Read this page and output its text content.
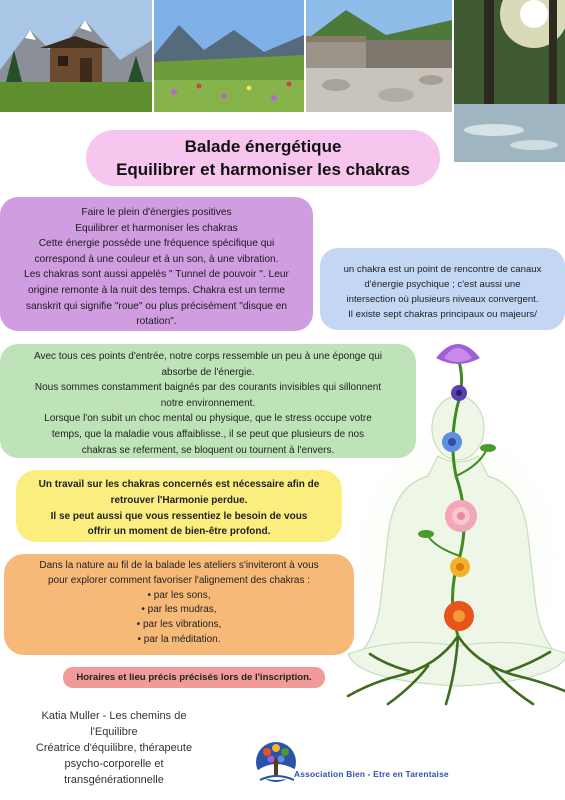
Balade énergétique
Equilibrer et harmoniser les chakras
Faire le plein d'énergies positives
Equilibrer et harmoniser les chakras
Cette énergie possède une fréquence spécifique qui
correspond à une couleur et à un son, à une vibration.
Les chakras sont aussi appelés " Tunnel de pouvoir ". Leur
origine remonte à la nuit des temps. Chakra est un terme
sanskrit qui signifie "roue" ou plus précisément "disque en
rotation".
un chakra est un point de rencontre de canaux
d'énergie psychique ; c'est aussi une
intersection où plusieurs niveaux convergent.
Il existe sept chakras principaux ou majeurs/
Avec tous ces points d'entrée, notre corps ressemble un peu à une éponge qui
absorbe de l'énergie.
Nous sommes constamment baignés par des courants invisibles qui sillonnent
notre environnement.
Lorsque l'on subit un choc mental ou physique, que le stress occupe votre
temps, que la maladie vous affaiblisse., il se peut que plusieurs de nos
chakras se referment, se bloquent ou tournent à l'envers.
Un travail sur les chakras concernés est nécessaire afin de
retrouver l'Harmonie perdue.
Il se peut aussi que vous ressentiez le besoin de vous
offrir un moment de bien-être profond.
Dans la nature au fil de la balade les ateliers s'inviteront à vous
pour explorer comment favoriser l'alignement des chakras :
• par les sons,
• par les mudras,
• par les vibrations,
• par la méditation.
Horaires et lieu précis précisés lors de l'inscription.
Katia Muller - Les chemins de
l'Equilibre
Créatrice d'équilibre, thérapeute
psycho-corporelle et
transgénérationnelle	Association Bien - Etre en Tarentaise
